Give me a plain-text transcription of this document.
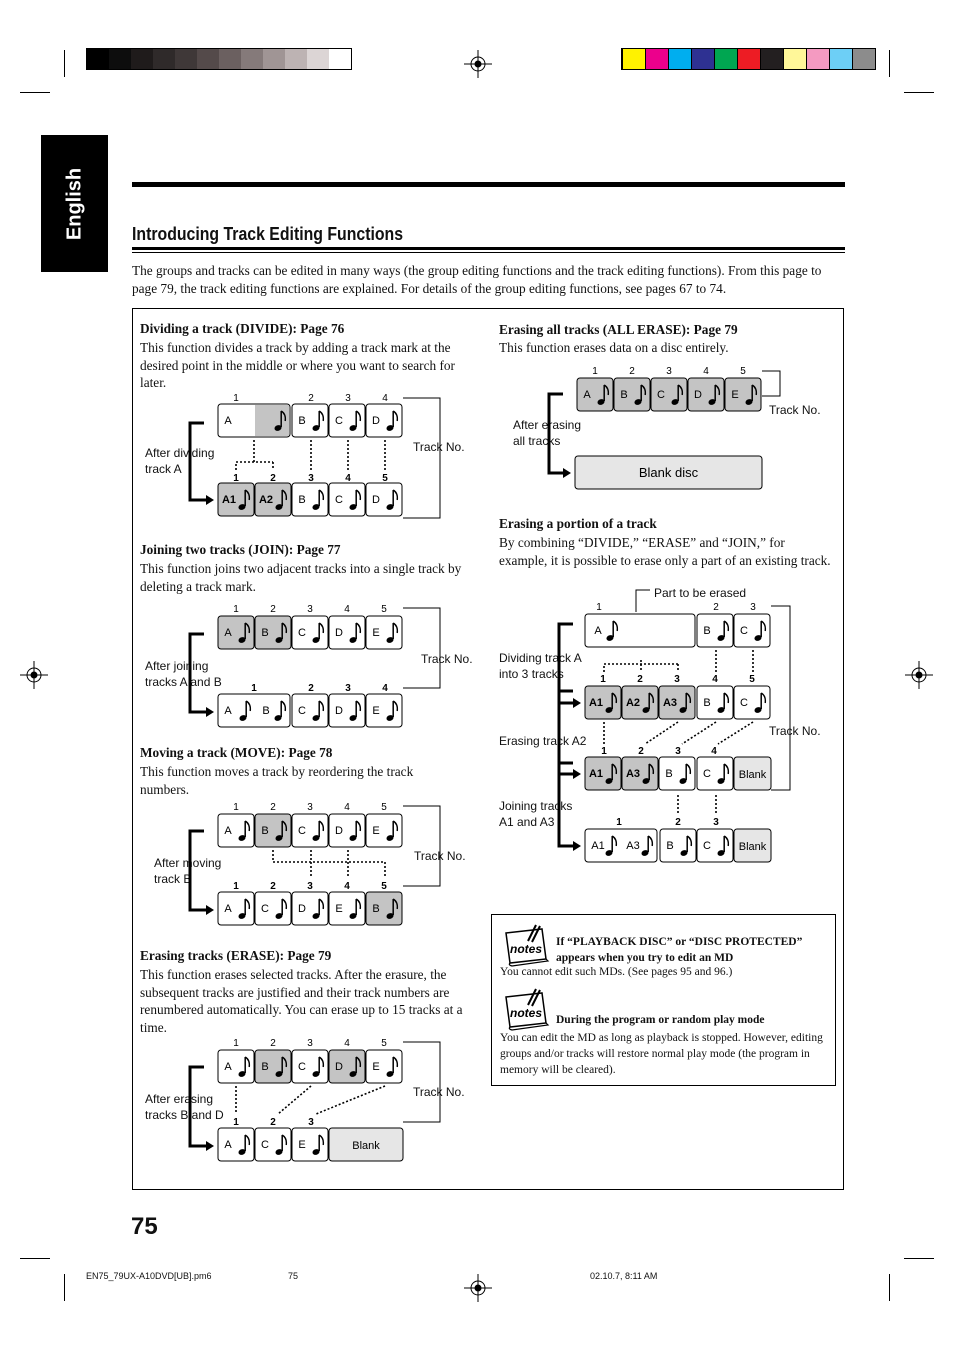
English	Introducing Track Editing Functions
The groups and tracks can be edited in many ways (the group editing functions and the track editing functions). From this page to page 79, the track editing functions are explained. For details of the group editing functions, see pages 67 to 74.
Dividing a track (DIVIDE): Page 76
This function divides a track by adding a track mark at the desired point in the middle or where you want to search for later.
After dividing
track A
Track No.
Joining two tracks (JOIN): Page 77
This function joins two adjacent tracks into a single track by deleting a track mark.
After joining
tracks A and B
Track No.
Moving a track (MOVE): Page 78
This function moves a track by reordering the track numbers.
After moving
track B
Track No.
Erasing tracks (ERASE): Page 79
This function erases selected tracks. After the erasure, the subsequent tracks are justified and their track numbers are renumbered automatically. You can erase up to 15 tracks at a time.
After erasing
tracks B and D
Track No.
Erasing all tracks (ALL ERASE): Page 79
This function erases data on a disc entirely.
After erasing
all tracks
Track No.
Erasing a portion of a track
By combining “DIVIDE,” “ERASE” and “JOIN,” for example, it is possible to erase only a part of an existing track.
Part to be erased
Dividing track A
into 3 tracks
Erasing track A2
Joining tracks
A1 and A3
Track No.
A	B	C	D
1	2	3	4
A1 A2 B	C	D
1	2	3	4	5
A	B	C	D	E
1	2	3	4	5
A	B	C	D	E
1	2	3	4
A	B	C	D	E
1	2	3	4	5
A	C	D	E	B
1	2	3	4	5
A	B	C	D	E
1	2	3	4	5
A	C	E	Blank
1	2	3
A	B	C	D	E
1	2	3	4	5
Blank disc
A	B	C
1	2	3
A1 A2 A3 B	C
1	2	3	4	5
A1 A3 B	C	Blank
1	2	3	4
A1 A3 B	C	Blank
1	2	3
notes If “PLAYBACK DISC” or “DISC PROTECTED”
appears when you try to edit an MD
You cannot edit such MDs. (See pages 95 and 96.)
notes During the program or random play mode
You can edit the MD as long as playback is stopped. However, editing groups and/or tracks will restore normal play mode (the program in memory will be cleared).
75
EN75_79UX-A10DVD[UB].pm6	75	02.10.7, 8:11 AM
